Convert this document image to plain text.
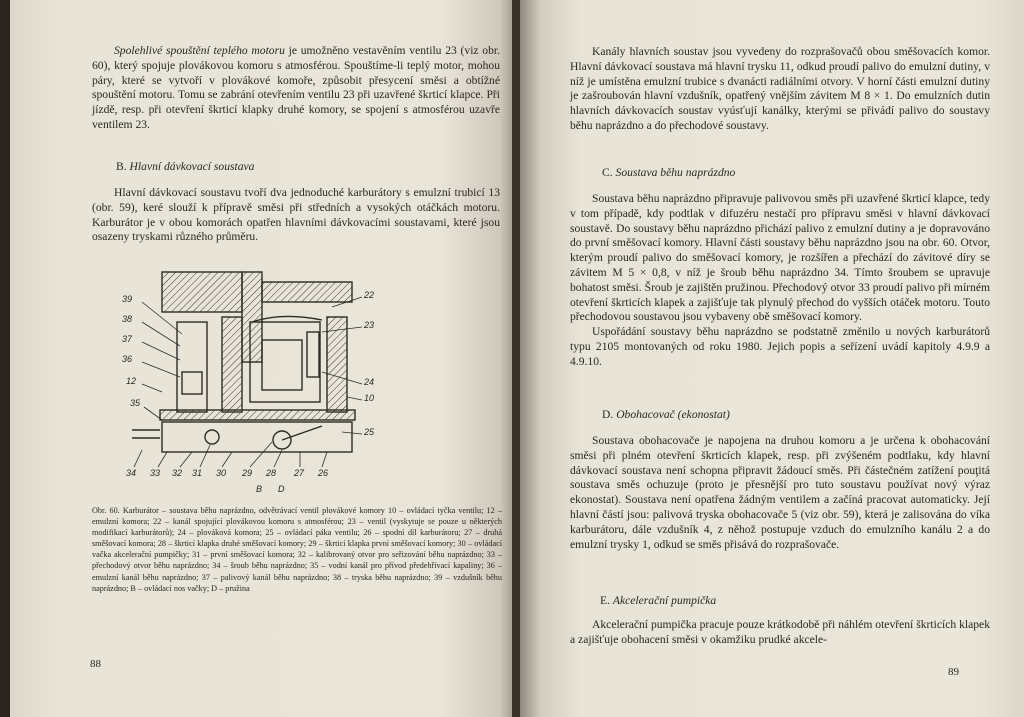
Spolehlivé spouštění teplého motoru je umožněno vestavěním ventilu 23 (viz obr. 60), který spojuje plovákovou komoru s atmosférou. Spouštíme-li teplý motor, mohou páry, které se vytvoří v plovákové komoře, způsobit přesycení směsi a obtížné spouštění motoru. Tomu se zabrání otevřením ventilu 23 při uzavřené škrticí klapce. Při jízdě, resp. při otevření škrticí klapky druhé komory, se spojení s atmosférou uzavře ventilem 23.

B. Hlavní dávkovací soustava

Hlavní dávkovací soustavu tvoří dva jednoduché karburátory s emulzní trubicí 13 (obr. 59), keré slouží k přípravě směsi při středních a vysokých otáčkách motoru. Karburátor je v obou komorách opatřen hlavními dávkovacími soustavami, které jsou osazeny tryskami různého průměru.

39
38
37
36
12
35
22
23
24
10
25
34 33 32 31 30 29 28 27 26
B D
Obr. 60. Karburátor – soustava běhu naprázdno, odvětrávací ventil plovákové komory 10 – ovládací tyčka ventilu; 12 – emulzní komora; 22 – kanál spojující plovákovou komoru s atmosférou; 23 – ventil (vyskytuje se pouze u některých modifikací karburátorů); 24 – plováková komora; 25 – ovládací páka ventilu; 26 – spodní díl karburátoru; 27 – druhá směšovací komora; 28 – škrticí klapka druhé směšovací komory; 29 – škrticí klapka první směšovací komory; 30 – ovládací vačka akcelerační pumpičky; 31 – první směšovací komora; 32 – kalibrovaný otvor pro seřizování běhu naprázdno; 33 – přechodový otvor běhu naprázdno; 34 – šroub běhu naprázdno; 35 – vodní kanál pro přívod předehřívací kapaliny; 36 – emulzní kanál běhu naprázdno; 37 – palivový kanál běhu naprázdno; 38 – tryska běhu naprázdno; 39 – vzdušník běhu naprázdno; B – ovládací nos vačky; D – pružina
88

Kanály hlavních soustav jsou vyvedeny do rozprašovačů obou směšovacích komor. Hlavní dávkovací soustava má hlavní trysku 11, odkud proudí palivo do emulzní dutiny, v níž je umístěna emulzní trubice s dvanácti radiálními otvory. V horní části emulzní dutiny je zašroubován hlavní vzdušník, opatřený vnějším závitem M 8 × 1. Do emulzních dutin hlavních dávkovacích soustav vyúsťují kanálky, kterými se přivádí palivo do soustavy běhu naprázdno a do přechodové soustavy.

C. Soustava běhu naprázdno

Soustava běhu naprázdno připravuje palivovou směs při uzavřené škrticí klapce, tedy v tom případě, kdy podtlak v difuzéru nestačí pro přípravu směsi v hlavní dávkovací soustavě. Do soustavy běhu naprázdno přichází palivo z emulzní dutiny a je dopravováno do první směšovací komory. Hlavní části soustavy běhu naprázdno jsou na obr. 60. Otvor, kterým proudí palivo do směšovací komory, je rozšířen a přechází do závitové díry se závitem M 5 × 0,8, v níž je šroub běhu naprázdno 34. Tímto šroubem se upravuje bohatost směsi. Šroub je zajištěn pružinou. Přechodový otvor 33 proudí palivo při mírném otevření škrticích klapek a zajišťuje tak plynulý přechod do vyšších otáček motoru. Touto přechodovou soustavou jsou vybaveny obě směšovací komory.

Uspořádání soustavy běhu naprázdno se podstatně změnilo u nových karburátorů typu 2105 montovaných od roku 1980. Jejich popis a seřízení uvádí kapitoly 4.9.9 a 4.9.10.

D. Obohacovač (ekonostat)

Soustava obohacovače je napojena na druhou komoru a je určena k obohacování směsi při plném otevření škrticích klapek, resp. při zvýšeném podtlaku, kdy hlavní dávkovací soustava není schopna připravit žádoucí směs. Při částečném zatížení pouţitá soustava směs ochuzuje (proto je přesnější pro tuto soustavu používat nový výraz ekonostat). Soustava není opatřena žádným ventilem a začíná pracovat automaticky. Její hlavní částí jsou: palivová tryska obohacovače 5 (viz obr. 59), která je zalisována do víka karburátoru, dále vzdušník 4, z něhož postupuje vzduch do emulzního kanálu 2 a do emulzní trysky 1, odkud se směs přisává do rozprašovače.

E. Akcelerační pumpička

Akcelerační pumpička pracuje pouze krátkodobě při náhlém otevření škrticích klapek a zajišťuje obohacení směsi v okamžiku prudké akcele-

89
